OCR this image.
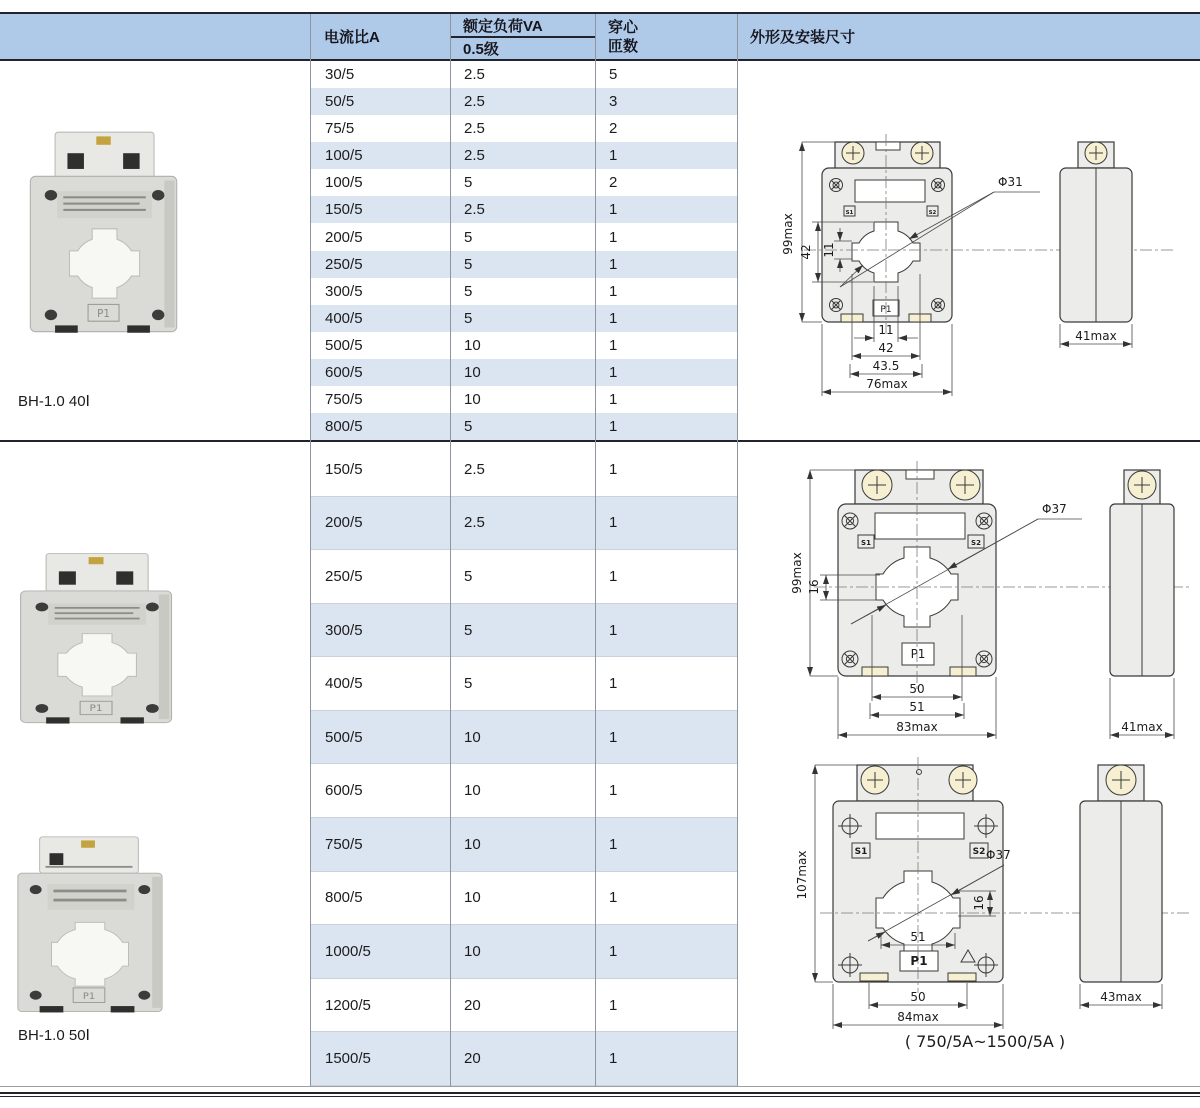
电流比A
额定负荷VA
0.5级
穿心
匝数	外形及安装尺寸
30/5	2.5	5
50/5	2.5	3
75/5	2.5	2
100/5	2.5	1
100/5	5	2
150/5	2.5	1
200/5	5	1
250/5	5	1
300/5	5	1
400/5	5	1
500/5	10	1
600/5	10	1
750/5	10	1
800/5	5	1
150/5	2.5	1
200/5	2.5	1
250/5	5	1
300/5	5	1
400/5	5	1
500/5	10	1
600/5	10	1
750/5	10	1
800/5	10	1
1000/5	10	1
1200/5	20	1
1500/5	20	1
P1
BH-1.0 40Ⅰ
P1
P1
BH-1.0 50Ⅰ
S1	S2
P1
99max 42 11
Φ31
11
42
43.5
76max
41max
S1	S2
P1
99max 16
Φ37
50
51
83max	41max
S1	S2
P1
107max
16
Φ37
51
50
84max
( 750/5A~1500/5A )
43max
